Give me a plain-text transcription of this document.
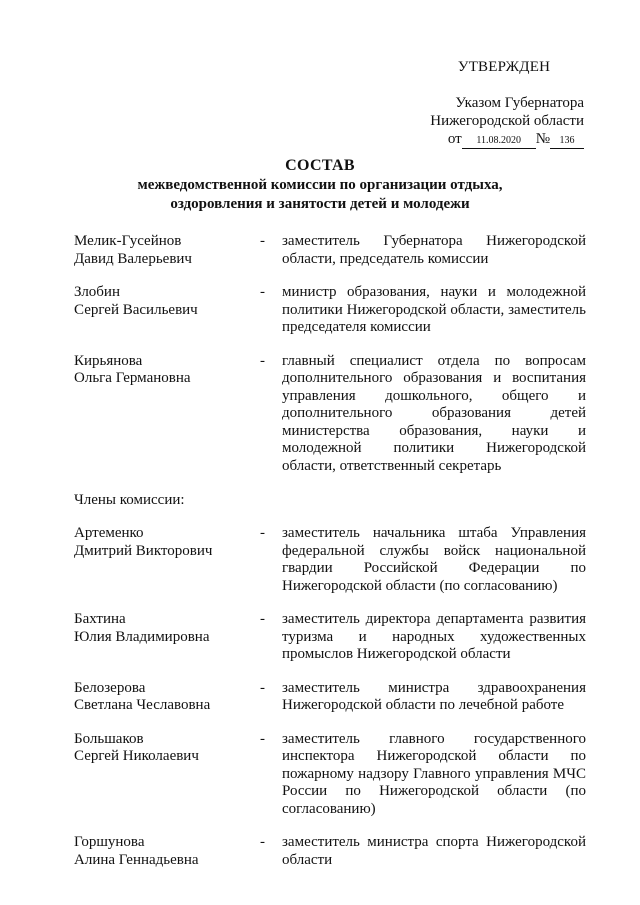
УТВЕРЖДЕН
Указом Губернатора
Нижегородской области
от 11.08.2020 № 136
СОСТАВ
межведомственной комиссии по организации отдыха,
оздоровления и занятости детей и молодежи
Мелик-Гусейнов
Давид Валерьевич
-	заместитель Губернатора Нижегородской области, председатель комиссии
Злобин
Сергей Васильевич
-	министр образования, науки и молодежной политики Нижегородской области, заместитель председателя комиссии
Кирьянова
Ольга Германовна
-	главный специалист отдела по вопросам дополнительного образования и воспитания управления дошкольного, общего и дополнительного образования детей министерства образования, науки и молодежной политики Нижегородской области, ответственный секретарь
Члены комиссии:
Артеменко
Дмитрий Викторович
-	заместитель начальника штаба Управления федеральной службы войск национальной гвардии Российской Федерации по Нижегородской области (по согласованию)
Бахтина
Юлия Владимировна
-	заместитель директора департамента развития туризма и народных художественных промыслов Нижегородской области
Белозерова
Светлана Чеславовна
-	заместитель министра здравоохранения Нижегородской области по лечебной работе
Большаков
Сергей Николаевич
-	заместитель главного государственного инспектора Нижегородской области по пожарному надзору Главного управления МЧС России по Нижегородской области (по согласованию)
Горшунова
Алина Геннадьевна
-	заместитель министра спорта Нижегородской области
